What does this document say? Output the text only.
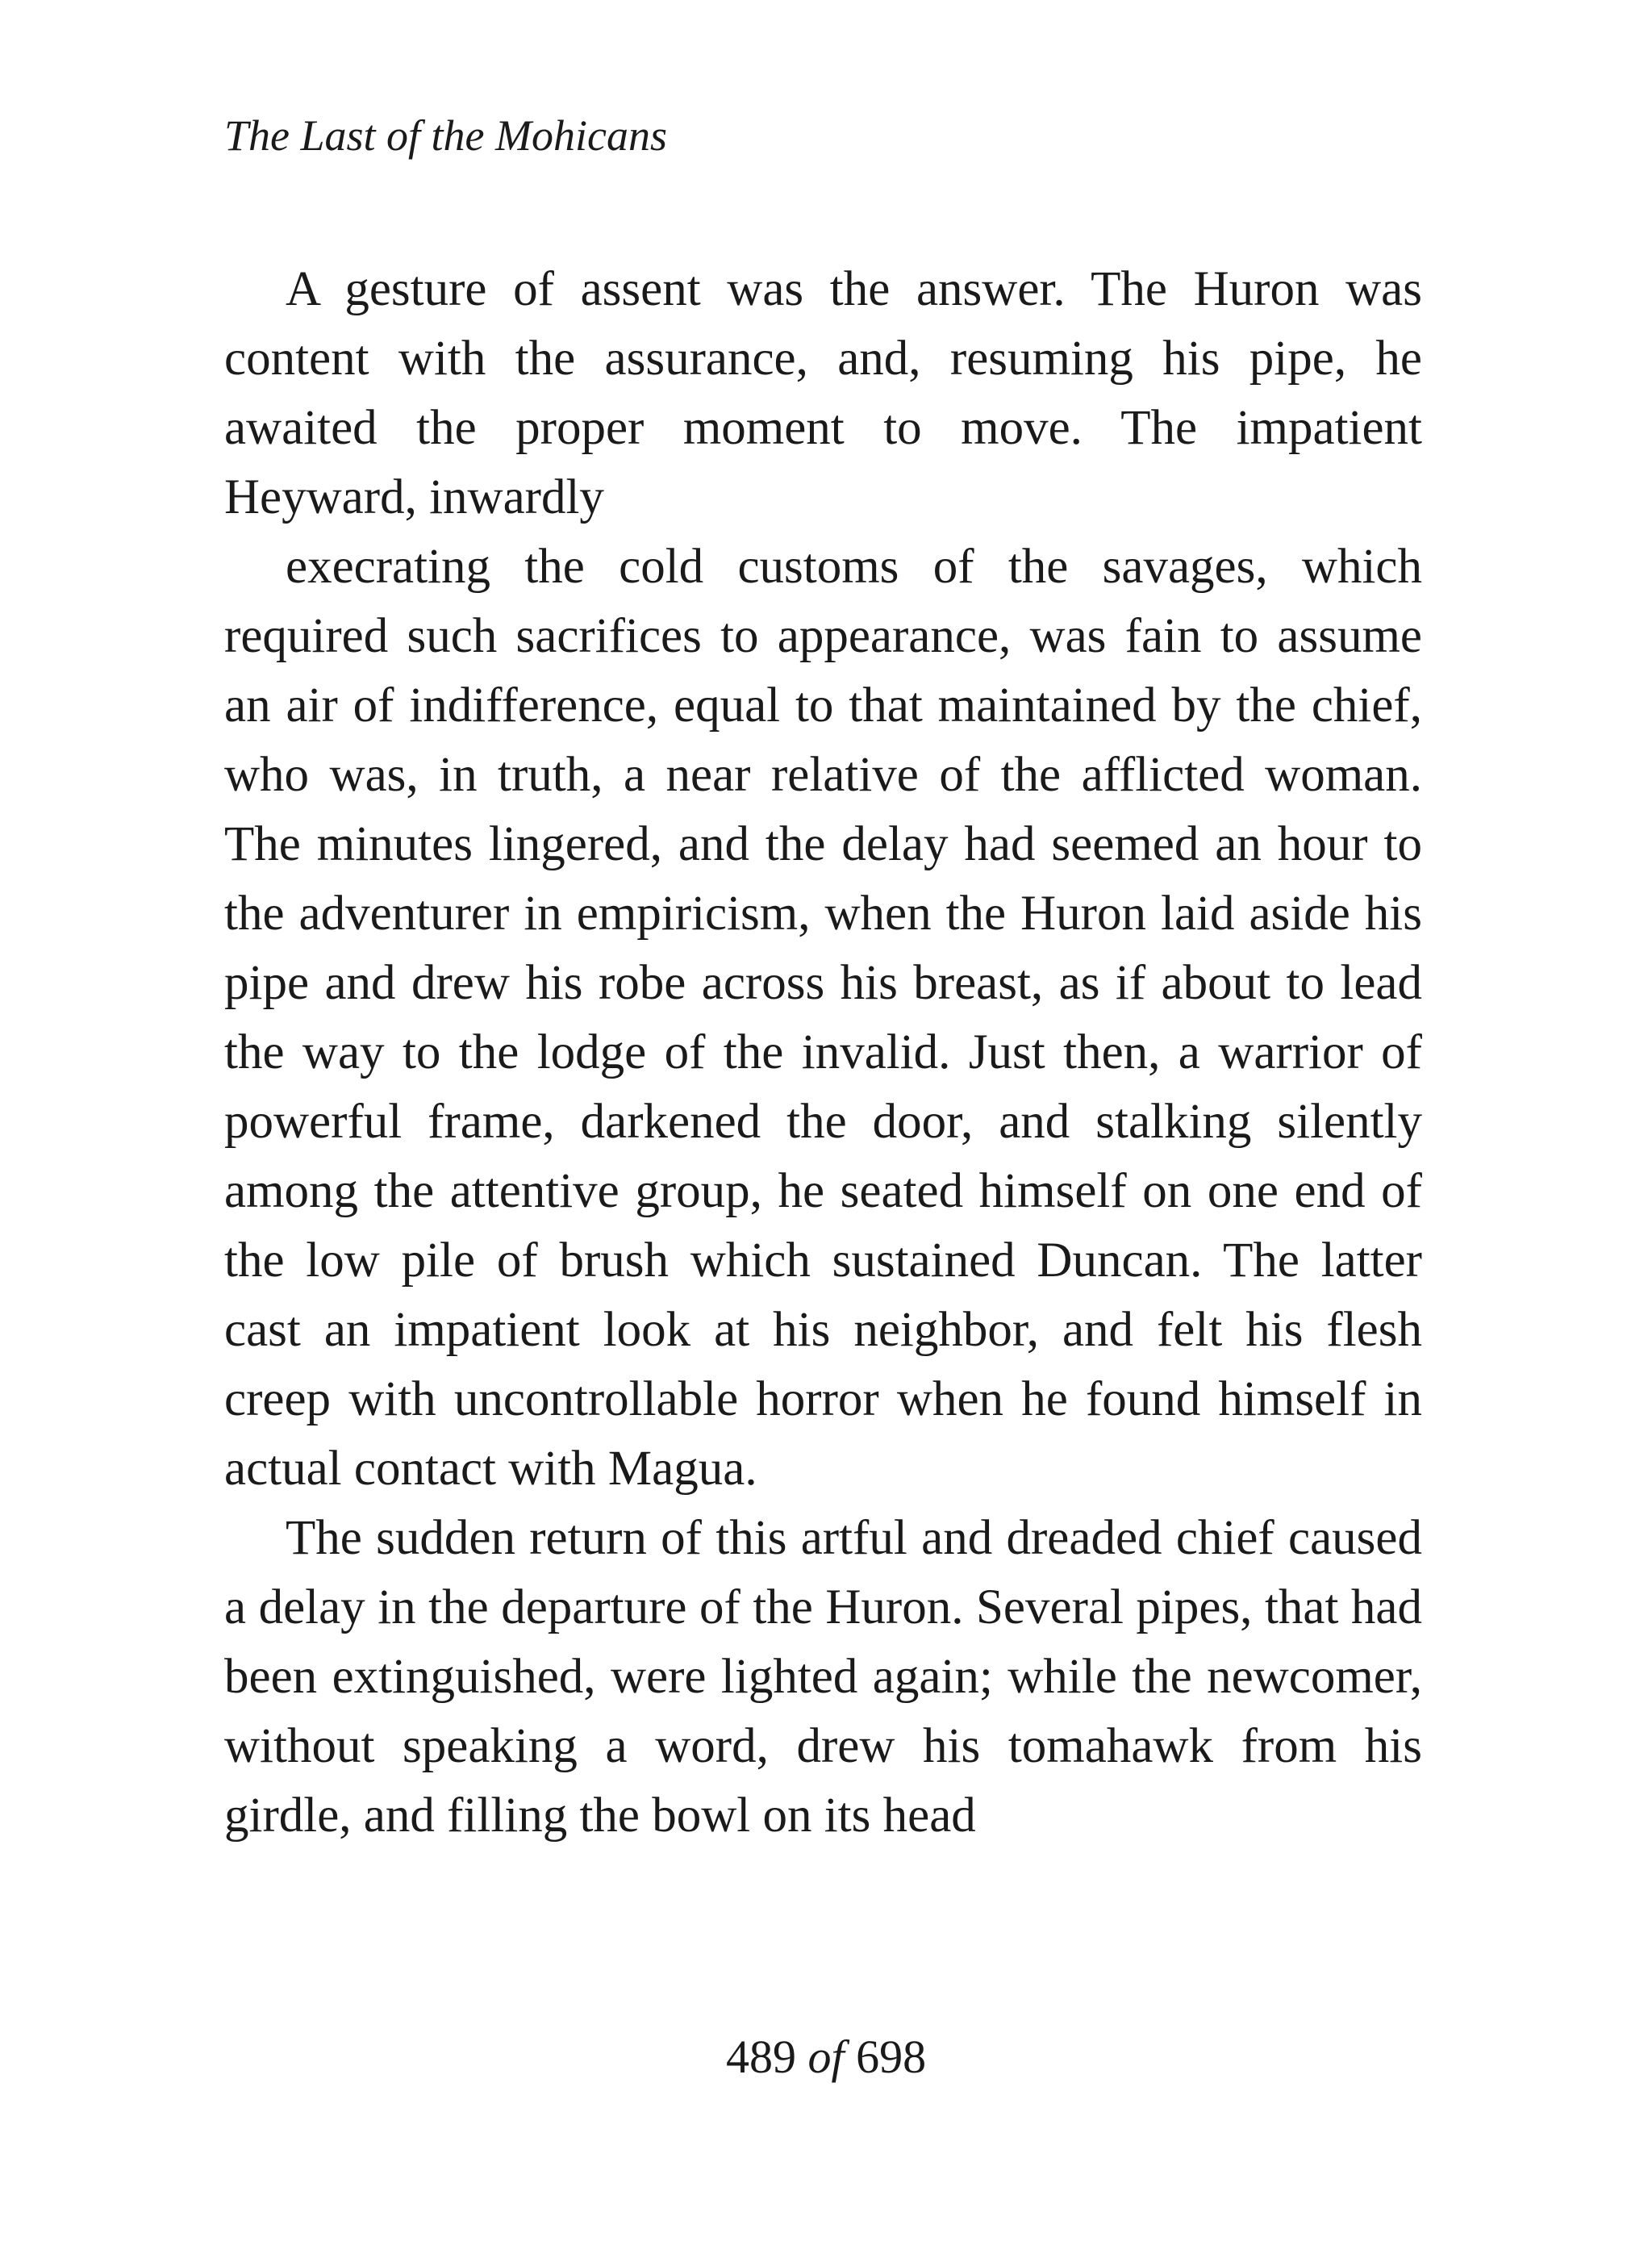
The Last of the Mohicans

A gesture of assent was the answer. The Huron was content with the assurance, and, resuming his pipe, he awaited the proper moment to move. The impatient Heyward, inwardly

execrating the cold customs of the savages, which required such sacrifices to appearance, was fain to assume an air of indifference, equal to that maintained by the chief, who was, in truth, a near relative of the afflicted woman. The minutes lingered, and the delay had seemed an hour to the adventurer in empiricism, when the Huron laid aside his pipe and drew his robe across his breast, as if about to lead the way to the lodge of the invalid. Just then, a warrior of powerful frame, darkened the door, and stalking silently among the attentive group, he seated himself on one end of the low pile of brush which sustained Duncan. The latter cast an impatient look at his neighbor, and felt his flesh creep with uncontrollable horror when he found himself in actual contact with Magua.

The sudden return of this artful and dreaded chief caused a delay in the departure of the Huron. Several pipes, that had been extinguished, were lighted again; while the newcomer, without speaking a word, drew his tomahawk from his girdle, and filling the bowl on its head

489 of 698
